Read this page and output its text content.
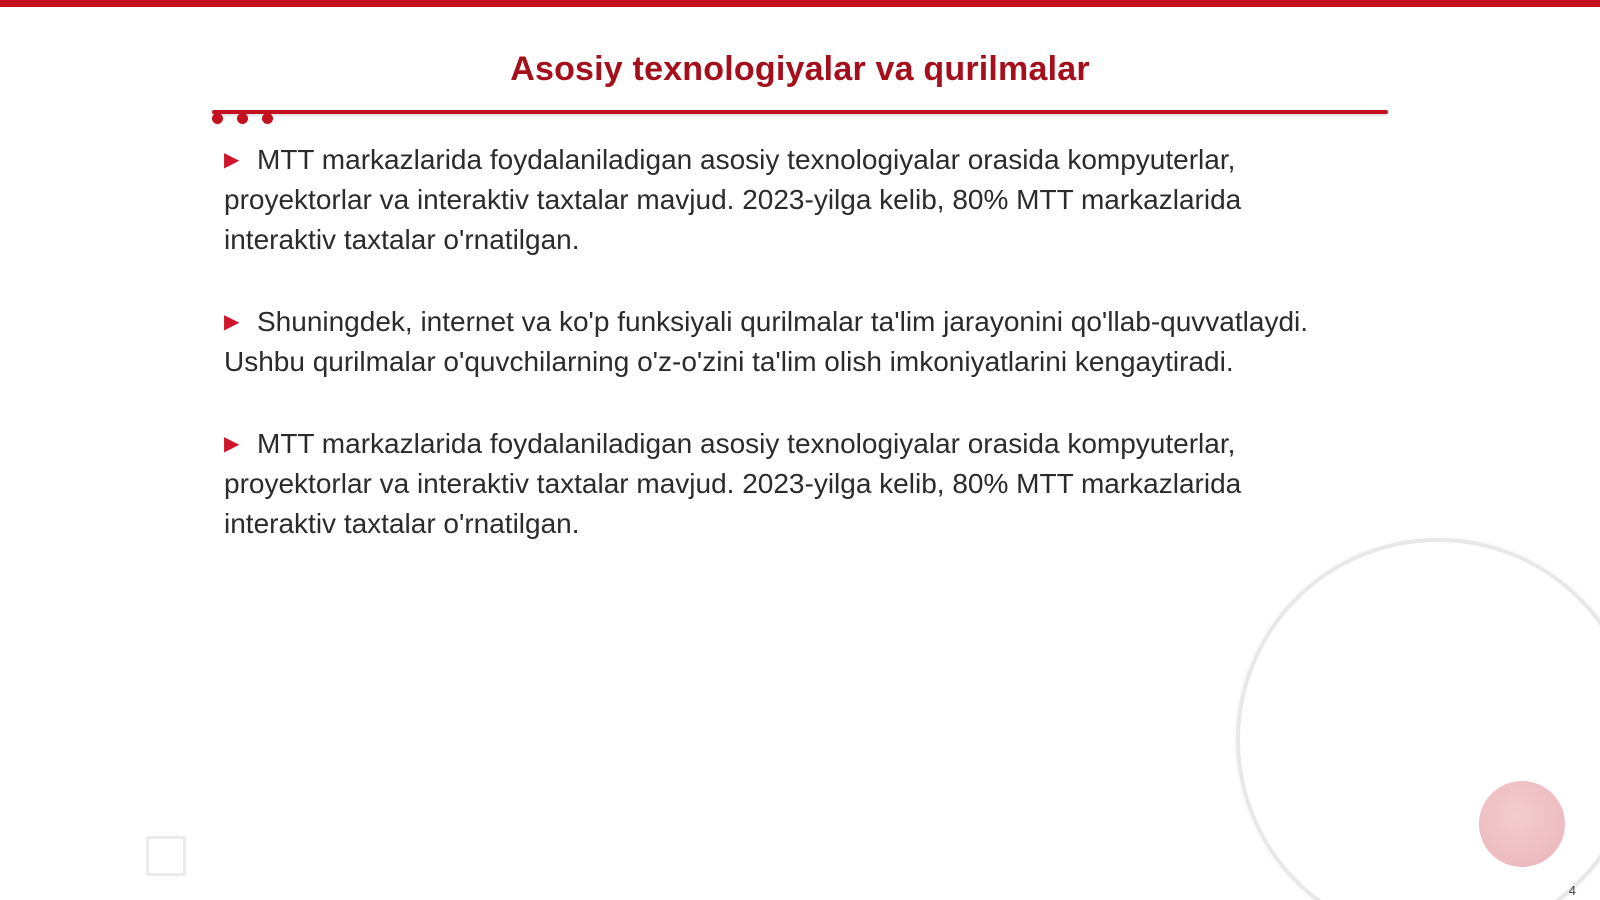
Asosiy texnologiyalar va qurilmalar
▶ MTT markazlarida foydalaniladigan asosiy texnologiyalar orasida kompyuterlar, proyektorlar va interaktiv taxtalar mavjud. 2023-yilga kelib, 80% MTT markazlarida interaktiv taxtalar o'rnatilgan.
▶ Shuningdek, internet va ko'p funksiyali qurilmalar ta'lim jarayonini qo'llab-quvvatlaydi. Ushbu qurilmalar o'quvchilarning o'z-o'zini ta'lim olish imkoniyatlarini kengaytiradi.
▶ MTT markazlarida foydalaniladigan asosiy texnologiyalar orasida kompyuterlar, proyektorlar va interaktiv taxtalar mavjud. 2023-yilga kelib, 80% MTT markazlarida interaktiv taxtalar o'rnatilgan.
4
